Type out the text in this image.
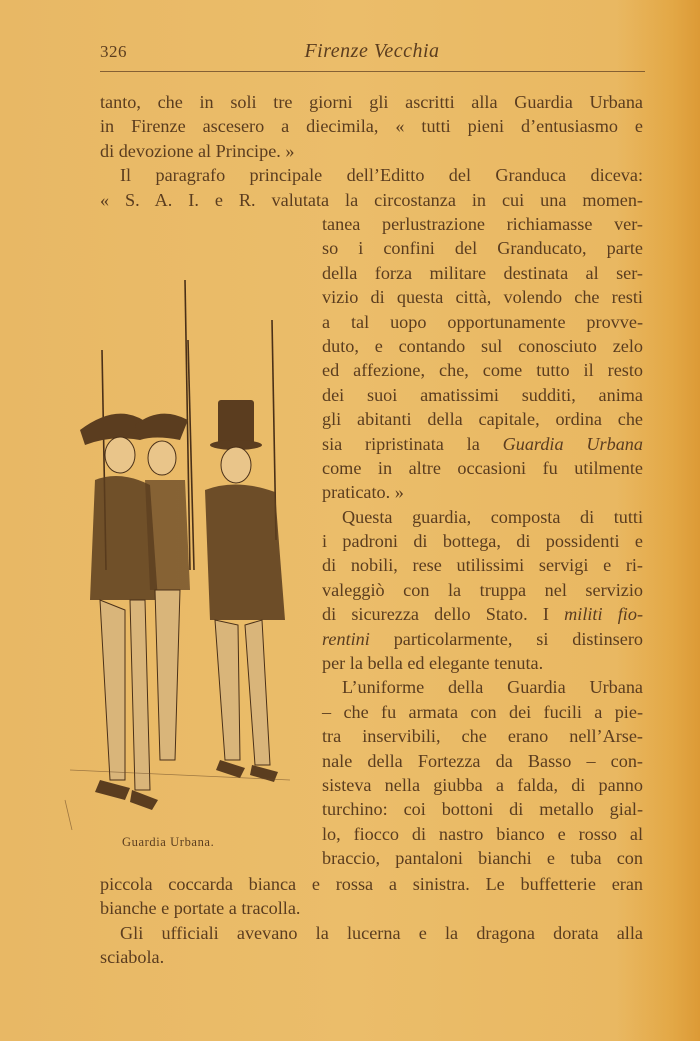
326	Firenze Vecchia
tanto, che in soli tre giorni gli ascritti alla Guardia Urbana
in Firenze ascesero a diecimila, « tutti pieni d’entusiasmo e
di devozione al Principe. »
Il paragrafo principale dell’Editto del Granduca diceva:
« S. A. I. e R. valutata la circostanza in cui una momen-
tanea perlustrazione richiamasse ver-
so i confini del Granducato, parte
della forza militare destinata al ser-
vizio di questa città, volendo che resti
a tal uopo opportunamente provve-
duto, e contando sul conosciuto zelo
ed affezione, che, come tutto il resto
dei suoi amatissimi sudditi, anima
gli abitanti della capitale, ordina che
sia ripristinata la Guardia Urbana
come in altre occasioni fu utilmente
praticato. »
Questa guardia, composta di tutti
i padroni di bottega, di possidenti e
di nobili, rese utilissimi servigi e ri-
valeggiò con la truppa nel servizio
di sicurezza dello Stato. I militi fio-
rentini particolarmente, si distinsero
per la bella ed elegante tenuta.
L’uniforme della Guardia Urbana
– che fu armata con dei fucili a pie-
tra inservibili, che erano nell’Arse-
nale della Fortezza da Basso – con-
sisteva nella giubba a falda, di panno
turchino: coi bottoni di metallo gial-
lo, fiocco di nastro bianco e rosso al
braccio, pantaloni bianchi e tuba con
piccola coccarda bianca e rossa a sinistra. Le buffetterie eran
bianche e portate a tracolla.
Gli ufficiali avevano la lucerna e la dragona dorata alla
sciabola.
Guardia Urbana.
